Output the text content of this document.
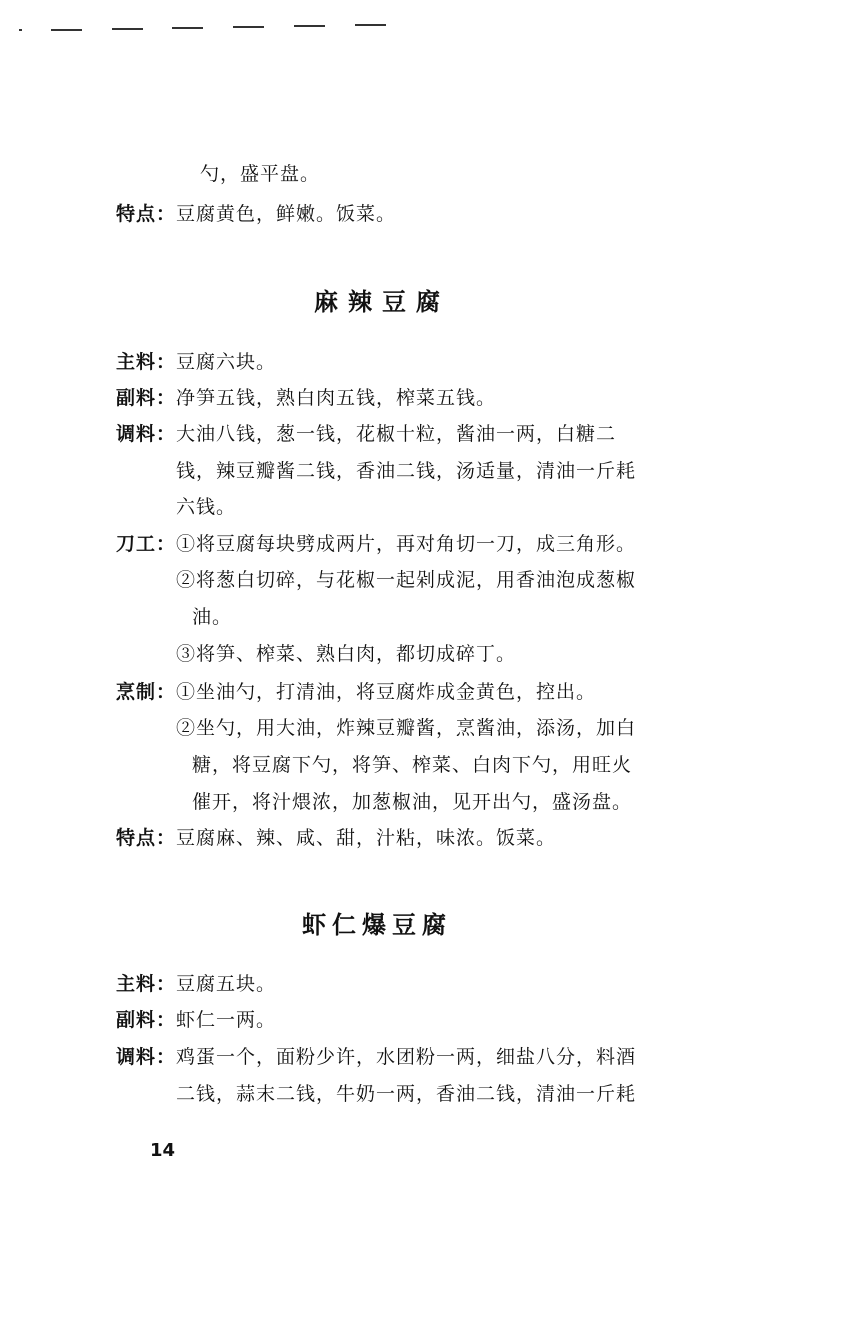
勺，盛平盘。
特点：豆腐黄色，鲜嫩。饭菜。
麻辣豆腐
主料：豆腐六块。
副料：净笋五钱，熟白肉五钱，榨菜五钱。
调料：大油八钱，葱一钱，花椒十粒，酱油一两，白糖二
钱，辣豆瓣酱二钱，香油二钱，汤适量，清油一斤耗
六钱。
刀工：①将豆腐每块劈成两片，再对角切一刀，成三角形。
②将葱白切碎，与花椒一起剁成泥，用香油泡成葱椒
油。
③将笋、榨菜、熟白肉，都切成碎丁。
烹制：①坐油勺，打清油，将豆腐炸成金黄色，控出。
②坐勺，用大油，炸辣豆瓣酱，烹酱油，添汤，加白
糖，将豆腐下勺，将笋、榨菜、白肉下勺，用旺火
催开，将汁煨浓，加葱椒油，见开出勺，盛汤盘。
特点：豆腐麻、辣、咸、甜，汁粘，味浓。饭菜。
虾仁爆豆腐
主料：豆腐五块。
副料：虾仁一两。
调料：鸡蛋一个，面粉少许，水团粉一两，细盐八分，料酒
二钱，蒜末二钱，牛奶一两，香油二钱，清油一斤耗
14
